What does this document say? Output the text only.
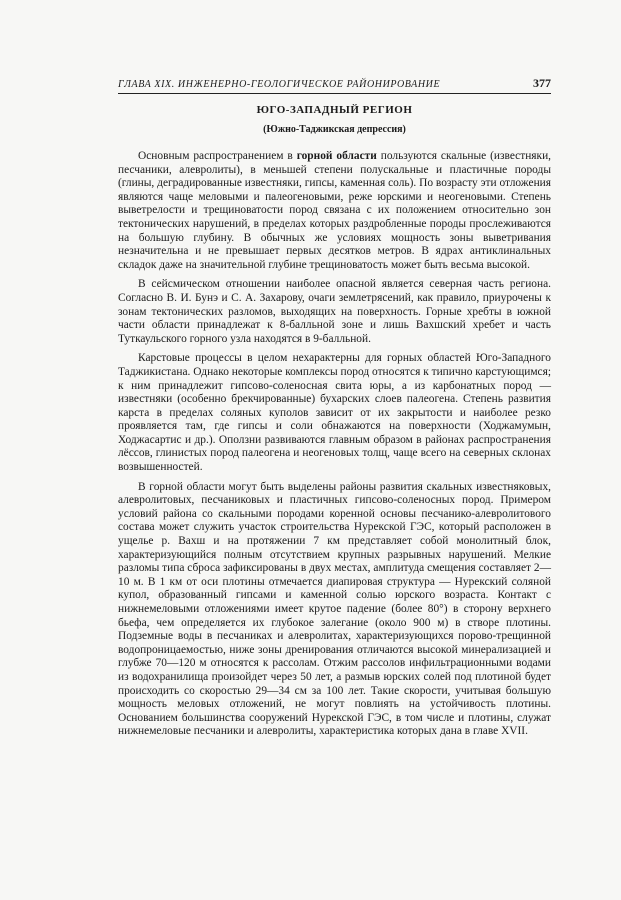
ГЛАВА XIX. ИНЖЕНЕРНО-ГЕОЛОГИЧЕСКОЕ РАЙОНИРОВАНИЕ	377
ЮГО-ЗАПАДНЫЙ РЕГИОН
(Южно-Таджикская депрессия)

Основным распространением в горной области пользуются скальные (известняки, песчаники, алевролиты), в меньшей степени полускальные и пластичные породы (глины, деградированные известняки, гипсы, каменная соль). По возрасту эти отложения являются чаще меловыми и палеогеновыми, реже юрскими и неогеновыми. Степень выветрелости и трещиноватости пород связана с их положением относительно зон тектонических нарушений, в пределах которых раздробленные породы прослеживаются на большую глубину. В обычных же условиях мощность зоны выветривания незначительна и не превышает первых десятков метров. В ядрах антиклинальных складок даже на значительной глубине трещиноватость может быть весьма высокой.

В сейсмическом отношении наиболее опасной является северная часть региона. Согласно В. И. Бунэ и С. А. Захарову, очаги землетрясений, как правило, приурочены к зонам тектонических разломов, выходящих на поверхность. Горные хребты в южной части области принадлежат к 8-балльной зоне и лишь Вахшский хребет и часть Туткаульского горного узла находятся в 9-балльной.

Карстовые процессы в целом нехарактерны для горных областей Юго-Западного Таджикистана. Однако некоторые комплексы пород относятся к типично карстующимся; к ним принадлежит гипсово-соленосная свита юры, а из карбонатных пород — известняки (особенно брекчированные) бухарских слоев палеогена. Степень развития карста в пределах соляных куполов зависит от их закрытости и наиболее резко проявляется там, где гипсы и соли обнажаются на поверхности (Ходжамумын, Ходжасартис и др.). Оползни развиваются главным образом в районах распространения лёссов, глинистых пород палеогена и неогеновых толщ, чаще всего на северных склонах возвышенностей.

В горной области могут быть выделены районы развития скальных известняковых, алевролитовых, песчаниковых и пластичных гипсово-соленосных пород. Примером условий района со скальными породами коренной основы песчанико-алевролитового состава может служить участок строительства Нурекской ГЭС, который расположен в ущелье р. Вахш и на протяжении 7 км представляет собой монолитный блок, характеризующийся полным отсутствием крупных разрывных нарушений. Мелкие разломы типа сброса зафиксированы в двух местах, амплитуда смещения составляет 2—10 м. В 1 км от оси плотины отмечается диапировая структура — Нурекский соляной купол, образованный гипсами и каменной солью юрского возраста. Контакт с нижнемеловыми отложениями имеет крутое падение (более 80°) в сторону верхнего бьефа, чем определяется их глубокое залегание (около 900 м) в створе плотины. Подземные воды в песчаниках и алевролитах, характеризующихся порово-трещинной водопроницаемостью, ниже зоны дренирования отличаются высокой минерализацией и глубже 70—120 м относятся к рассолам. Отжим рассолов инфильтрационными водами из водохранилища произойдет через 50 лет, а размыв юрских солей под плотиной будет происходить со скоростью 29—34 см за 100 лет. Такие скорости, учитывая большую мощность меловых отложений, не могут повлиять на устойчивость плотины. Основанием большинства сооружений Нурекской ГЭС, в том числе и плотины, служат нижнемеловые песчаники и алевролиты, характеристика которых дана в главе XVII.
